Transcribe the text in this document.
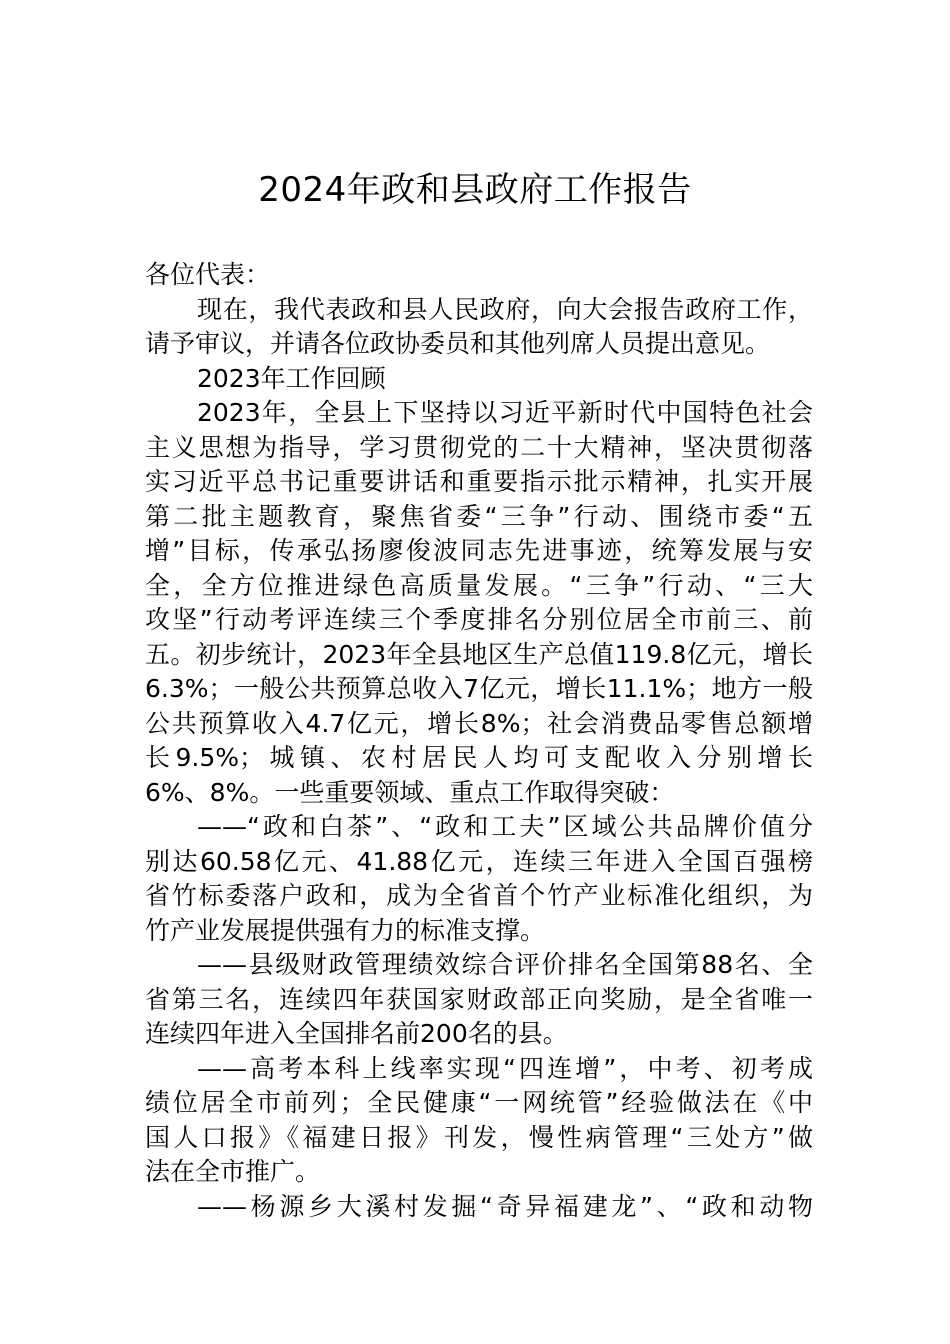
2024年政和县政府工作报告
各位代表：
现在，我代表政和县人民政府，向大会报告政府工作，
请予审议，并请各位政协委员和其他列席人员提出意见。
2023年工作回顾
2023年，全县上下坚持以习近平新时代中国特色社会
主义思想为指导，学习贯彻党的二十大精神，坚决贯彻落
实习近平总书记重要讲话和重要指示批示精神，扎实开展
第二批主题教育，聚焦省委“三争”行动、围绕市委“五
增”目标，传承弘扬廖俊波同志先进事迹，统筹发展与安
全，全方位推进绿色高质量发展。“三争”行动、“三大
攻坚”行动考评连续三个季度排名分别位居全市前三、前
五。初步统计，2023年全县地区生产总值119.8亿元，增长
6.3%；一般公共预算总收入7亿元，增长11.1%；地方一般
公共预算收入4.7亿元，增长8%；社会消费品零售总额增
长9.5%；城镇、农村居民人均可支配收入分别增长
6%、8%。一些重要领域、重点工作取得突破：
——“政和白茶”、“政和工夫”区域公共品牌价值分
别达60.58亿元、41.88亿元，连续三年进入全国百强榜
省竹标委落户政和，成为全省首个竹产业标准化组织，为
竹产业发展提供强有力的标准支撑。
——县级财政管理绩效综合评价排名全国第88名、全
省第三名，连续四年获国家财政部正向奖励，是全省唯一
连续四年进入全国排名前200名的县。
——高考本科上线率实现“四连增”，中考、初考成
绩位居全市前列；全民健康“一网统管”经验做法在《中
国人口报》《福建日报》刊发，慢性病管理“三处方”做
法在全市推广。
——杨源乡大溪村发掘“奇异福建龙”、“政和动物
